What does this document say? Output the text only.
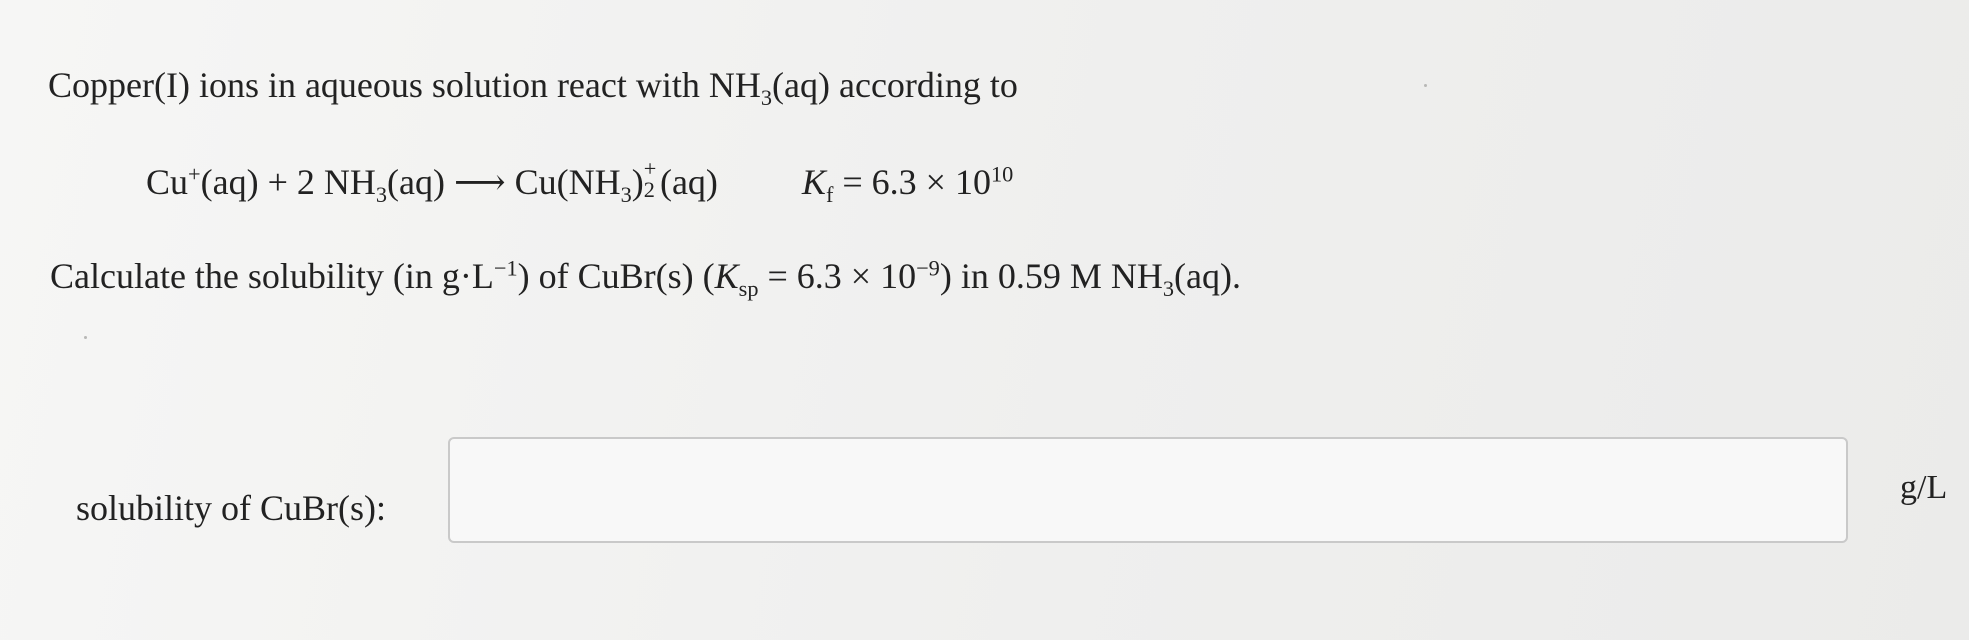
Copper(I) ions in aqueous solution react with $NH_3(aq)$ according to
Cu+(aq) + 2 $NH_3(aq)$ ⟶ $Cu(NH_3)$ +
2 (aq) $K_f = 6.3 \times 10^{10}$
Calculate the solubility (in $g\cdot L^{-1}$) of CuBr(s) $(K_{sp} = 6.3 \times 10^{-9})$ in 0.59 M $NH_3(aq)$.
solubility of CuBr(s):
g/L
